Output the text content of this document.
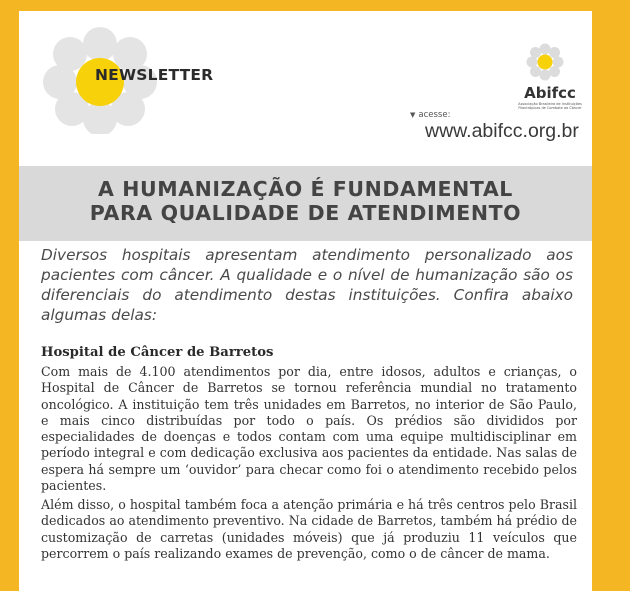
NEWSLETTER
Abifcc
Associação Brasileira de Instituições Filantrópicas de Combate ao Câncer
▼ acesse:
www.abifcc.org.br
A HUMANIZAÇÃO É FUNDAMENTAL
PARA QUALIDADE DE ATENDIMENTO
Diversos hospitais apresentam atendimento personalizado aos pacientes com câncer. A qualidade e o nível de humanização são os diferenciais do atendimento destas instituições. Confira abaixo algumas delas:
Hospital de Câncer de Barretos
Com mais de 4.100 atendimentos por dia, entre idosos, adultos e crianças, o Hospital de Câncer de Barretos se tornou referência mundial no tratamento oncológico. A instituição tem três unidades em Barretos, no interior de São Paulo, e mais cinco distribuídas por todo o país. Os prédios são divididos por especialidades de doenças e todos contam com uma equipe multidisciplinar em período integral e com dedicação exclusiva aos pacientes da entidade. Nas salas de espera há sempre um ‘ouvidor’ para checar como foi o atendimento recebido pelos pacientes.
Além disso, o hospital também foca a atenção primária e há três centros pelo Brasil dedicados ao atendimento preventivo. Na cidade de Barretos, também há prédio de customização de carretas (unidades móveis) que já produziu 11 veículos que percorrem o país realizando exames de prevenção, como o de câncer de mama.
